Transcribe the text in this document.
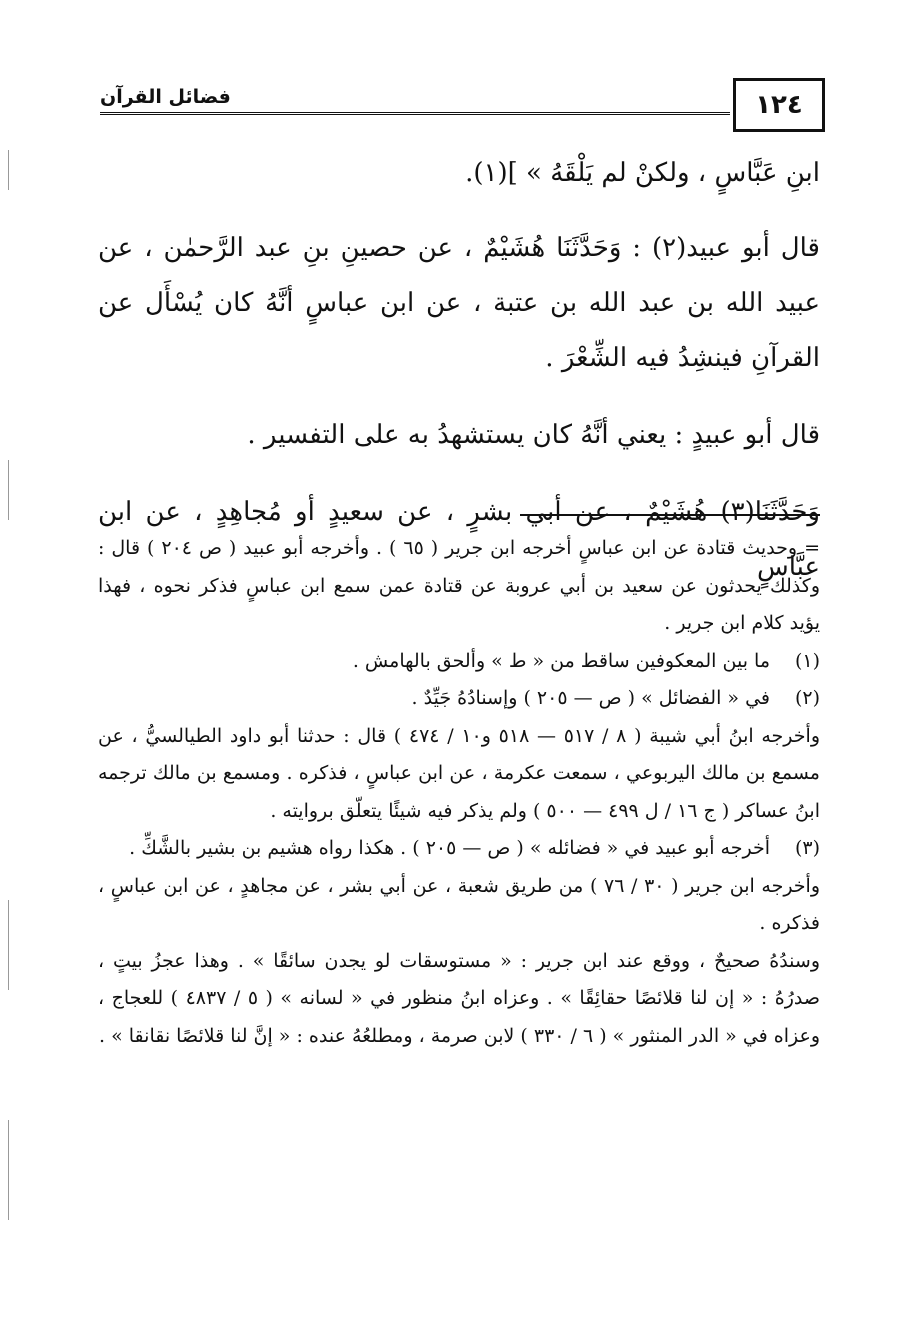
١٢٤
فضائل القرآن

ابنِ عَبَّاسٍ ، ولكنْ لم يَلْقَهُ » ](١).

قال أبو عبيد(٢) : وَحَدَّثَنَا هُشَيْمٌ ، عن حصينِ بنِ عبد الرَّحمٰن ، عن عبيد الله بن عبد الله بن عتبة ، عن ابن عباسٍ أنَّهُ كان يُسْأَل عن القرآنِ فينشِدُ فيه الشِّعْرَ .

قال أبو عبيدٍ : يعني أنَّهُ كان يستشهدُ به على التفسير .

وَحَدَّثَنَا(٣) هُشَيْمٌ ، عن أبي بشرٍ ، عن سعيدٍ أو مُجاهِدٍ ، عن ابن عبَّاسٍ

= وحديث قتادة عن ابن عباسٍ أخرجه ابن جرير ( ٦٥ ) . وأخرجه أبو عبيد ( ص ٢٠٤ ) قال : وكذلك يحدثون عن سعيد بن أبي عروبة عن قتادة عمن سمع ابن عباسٍ فذكر نحوه ، فهذا يؤيد كلام ابن جرير .

(١)
ما بين المعكوفين ساقط من « ط » وألحق بالهامش .
(٢)
في « الفضائل » ( ص — ٢٠٥ ) وإسنادُهُ جَيِّدٌ .

وأخرجه ابنُ أبي شيبة ( ٨ / ٥١٧ — ٥١٨ و١٠ / ٤٧٤ ) قال : حدثنا أبو داود الطيالسيُّ ، عن مسمع بن مالك اليربوعي ، سمعت عكرمة ، عن ابن عباسٍ ، فذكره . ومسمع بن مالك ترجمه ابنُ عساكر ( ج ١٦ / ل ٤٩٩ — ٥٠٠ ) ولم يذكر فيه شيئًا يتعلّق بروايته .

(٣)
أخرجه أبو عبيد في « فضائله » ( ص — ٢٠٥ ) . هكذا رواه هشيم بن بشير بالشَّكِّ .

وأخرجه ابن جرير ( ٣٠ / ٧٦ ) من طريق شعبة ، عن أبي بشر ، عن مجاهدٍ ، عن ابن عباسٍ ، فذكره .

وسندُهُ صحيحٌ ، ووقع عند ابن جرير : « مستوسقات لو يجدن سائقًا » . وهذا عجزُ بيتٍ ، صدرُهُ : « إن لنا قلائصًا حقائِقًا » . وعزاه ابنُ منظور في « لسانه » ( ٥ / ٤٨٣٧ ) للعجاج ، وعزاه في « الدر المنثور » ( ٦ / ٣٣٠ ) لابن صرمة ، ومطلعُهُ عنده : « إنَّ لنا قلائصًا نقانقا » .
